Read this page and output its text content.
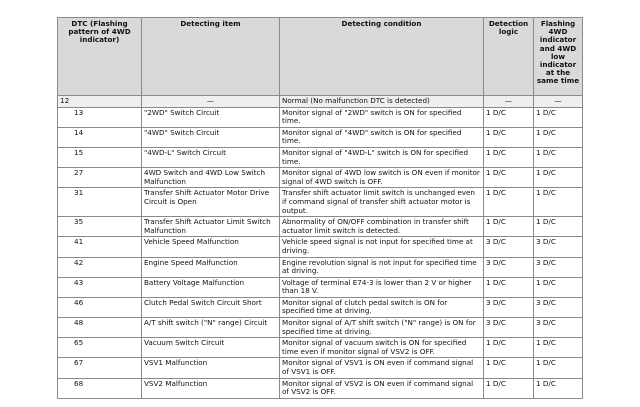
DTC (Flashing pattern of 4WD indicator)	Detecting item	Detecting condition	Detection logic	Flashing 4WD indicator and 4WD low indicator at the same time
12	—	Normal (No malfunction DTC is detected)	—	—
13	"2WD" Switch Circuit	Monitor signal of "2WD" switch is ON for specified time.	1 D/C	1 D/C
14	"4WD" Switch Circuit	Monitor signal of "4WD" switch is ON for specified time.	1 D/C	1 D/C
15	"4WD-L" Switch Circuit	Monitor signal of "4WD-L" switch is ON for specified time.	1 D/C	1 D/C
27	4WD Switch and 4WD Low Switch Malfunction	Monitor signal of 4WD low switch is ON even if monitor signal of 4WD switch is OFF.	1 D/C	1 D/C
31	Transfer Shift Actuator Motor Drive Circuit is Open	Transfer shift actuator limit switch is unchanged even if command signal of transfer shift actuator motor is output.	1 D/C	1 D/C
35	Transfer Shift Actuator Limit Switch Malfunction	Abnormality of ON/OFF combination in transfer shift actuator limit switch is detected.	1 D/C	1 D/C
41	Vehicle Speed Malfunction	Vehicle speed signal is not input for specified time at driving.	3 D/C	3 D/C
42	Engine Speed Malfunction	Engine revolution signal is not input for specified time at driving.	3 D/C	3 D/C
43	Battery Voltage Malfunction	Voltage of terminal E74-3 is lower than 2 V or higher than 18 V.	1 D/C	1 D/C
46	Clutch Pedal Switch Circuit Short	Monitor signal of clutch pedal switch is ON for specified time at driving.	3 D/C	3 D/C
48	A/T shift switch ("N" range) Circuit	Monitor signal of A/T shift switch ("N" range) is ON for specified time at driving.	3 D/C	3 D/C
65	Vacuum Switch Circuit	Monitor signal of vacuum switch is ON for specified time even if monitor signal of VSV2 is OFF.	1 D/C	1 D/C
67	VSV1 Malfunction	Monitor signal of VSV1 is ON even if command signal of VSV1 is OFF.	1 D/C	1 D/C
68	VSV2 Malfunction	Monitor signal of VSV2 is ON even if command signal of VSV2 is OFF.	1 D/C	1 D/C
